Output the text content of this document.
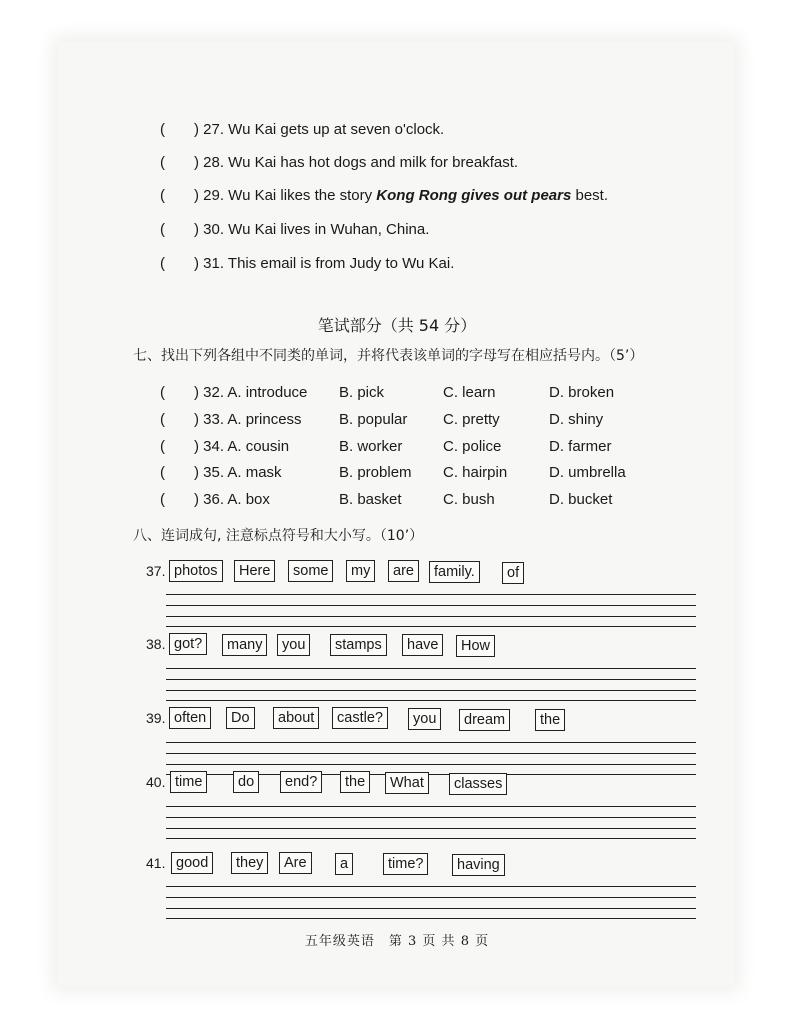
( ) 27. Wu Kai gets up at seven o'clock.
( ) 28. Wu Kai has hot dogs and milk for breakfast.
( ) 29. Wu Kai likes the story Kong Rong gives out pears best.
( ) 30. Wu Kai lives in Wuhan, China.
( ) 31. This email is from Judy to Wu Kai.
笔试部分（共 54 分）
七、找出下列各组中不同类的单词，并将代表该单词的字母写在相应括号内。（5’）
( ) 32. A. introduce B. pick	C. learn	D. broken
( ) 33. A. princess B. popular C. pretty	D. shiny
( ) 34. A. cousin	B. worker	C. police	D. farmer
( ) 35. A. mask	B. problem C. hairpin	D. umbrella
( ) 36. A. box	B. basket	C. bush	D. bucket
八、连词成句, 注意标点符号和大小写。（10’）
37. photos	Here	some	my	are	family.	of
38. got?	many	you	stamps	have	How
39. often	Do	about	castle?	you	dream	the
40. time	do	end?	the	What	classes
41. good	they	Are	a	time?	having
五年级英语　第 3 页 共 8 页
